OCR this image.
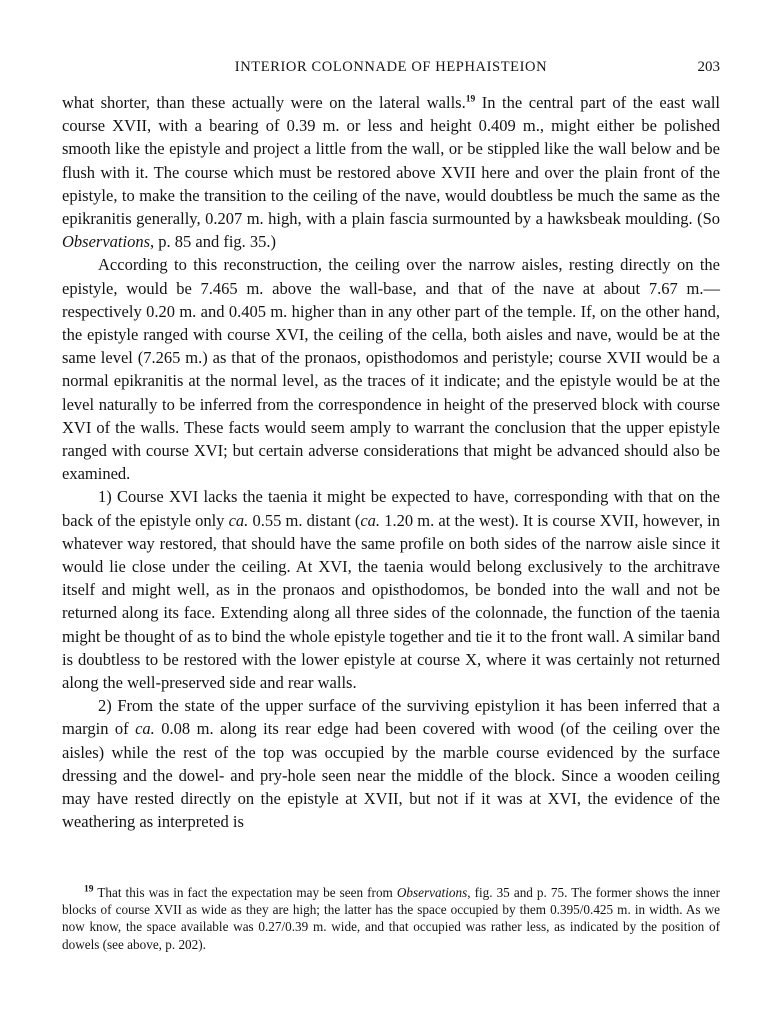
INTERIOR COLONNADE OF HEPHAISTEION	203

what shorter, than these actually were on the lateral walls.$^{19}$ In the central part of the east wall course XVII, with a bearing of 0.39 m. or less and height 0.409 m., might either be polished smooth like the epistyle and project a little from the wall, or be stippled like the wall below and be flush with it. The course which must be restored above XVII here and over the plain front of the epistyle, to make the transition to the ceiling of the nave, would doubtless be much the same as the epikranitis generally, 0.207 m. high, with a plain fascia surmounted by a hawksbeak moulding. (So Observations, p. 85 and fig. 35.)

According to this reconstruction, the ceiling over the narrow aisles, resting directly on the epistyle, would be 7.465 m. above the wall-base, and that of the nave at about 7.67 m.—respectively 0.20 m. and 0.405 m. higher than in any other part of the temple. If, on the other hand, the epistyle ranged with course XVI, the ceiling of the cella, both aisles and nave, would be at the same level (7.265 m.) as that of the pronaos, opisthodomos and peristyle; course XVII would be a normal epikranitis at the normal level, as the traces of it indicate; and the epistyle would be at the level naturally to be inferred from the correspondence in height of the preserved block with course XVI of the walls. These facts would seem amply to warrant the conclusion that the upper epistyle ranged with course XVI; but certain adverse considerations that might be advanced should also be examined.

1) Course XVI lacks the taenia it might be expected to have, corresponding with that on the back of the epistyle only ca. 0.55 m. distant (ca. 1.20 m. at the west). It is course XVII, however, in whatever way restored, that should have the same profile on both sides of the narrow aisle since it would lie close under the ceiling. At XVI, the taenia would belong exclusively to the architrave itself and might well, as in the pronaos and opisthodomos, be bonded into the wall and not be returned along its face. Extending along all three sides of the colonnade, the function of the taenia might be thought of as to bind the whole epistyle together and tie it to the front wall. A similar band is doubtless to be restored with the lower epistyle at course X, where it was certainly not returned along the well-preserved side and rear walls.

2) From the state of the upper surface of the surviving epistylion it has been inferred that a margin of ca. 0.08 m. along its rear edge had been covered with wood (of the ceiling over the aisles) while the rest of the top was occupied by the marble course evidenced by the surface dressing and the dowel- and pry-hole seen near the middle of the block. Since a wooden ceiling may have rested directly on the epistyle at XVII, but not if it was at XVI, the evidence of the weathering as interpreted is

$^{19}$ That this was in fact the expectation may be seen from Observations, fig. 35 and p. 75. The former shows the inner blocks of course XVII as wide as they are high; the latter has the space occupied by them 0.395/0.425 m. in width. As we now know, the space available was 0.27/0.39 m. wide, and that occupied was rather less, as indicated by the position of dowels (see above, p. 202).
